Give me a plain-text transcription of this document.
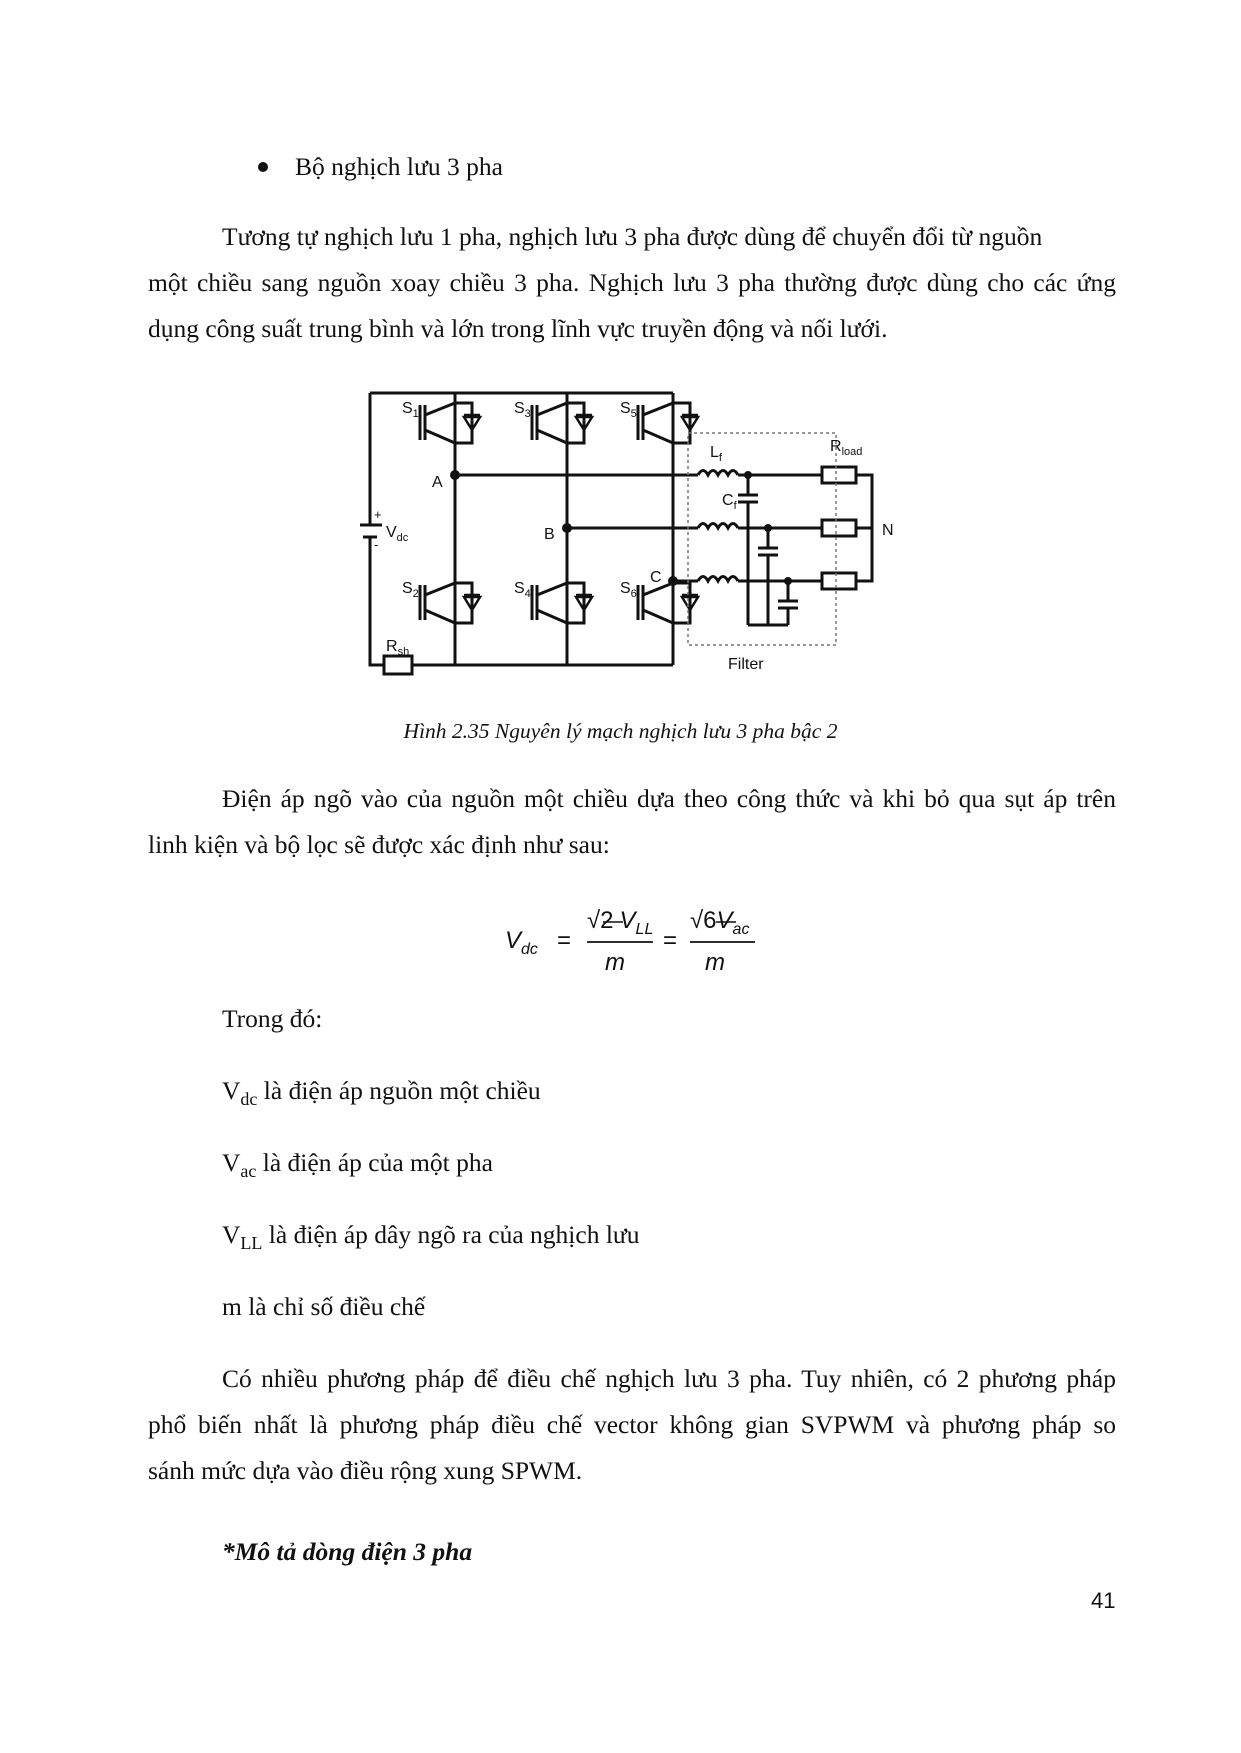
Bộ nghịch lưu 3 pha
Tương tự nghịch lưu 1 pha, nghịch lưu 3 pha được dùng để chuyển đổi từ nguồn
một chiều sang nguồn xoay chiều 3 pha. Nghịch lưu 3 pha thường được dùng cho các ứng
dụng công suất trung bình và lớn trong lĩnh vực truyền động và nối lưới.
$S_1$	$S_3$	$S_5$
$S_2$	$S_4$	$S_6$
+
-
$V_{dc}$
$R_{sh}$
A
B
C
$L_f$
$C_f$
$R_{load}$
N
Filter
Hình 2.35 Nguyên lý mạch nghịch lưu 3 pha bậc 2
Điện áp ngõ vào của nguồn một chiều dựa theo công thức và khi bỏ qua sụt áp trên
linh kiện và bộ lọc sẽ được xác định như sau:
$V_{dc}$ =
√2 $V_{LL}$
m
=
$√6V_{ac}$
m
Trong đó:
$V_{dc}$ là điện áp nguồn một chiều
$V_{ac}$ là điện áp của một pha
$V_{LL}$ là điện áp dây ngõ ra của nghịch lưu
m là chỉ số điều chế
Có nhiều phương pháp để điều chế nghịch lưu 3 pha. Tuy nhiên, có 2 phương pháp
phổ biến nhất là phương pháp điều chế vector không gian SVPWM và phương pháp so
sánh mức dựa vào điều rộng xung SPWM.
*Mô tả dòng điện 3 pha
41
